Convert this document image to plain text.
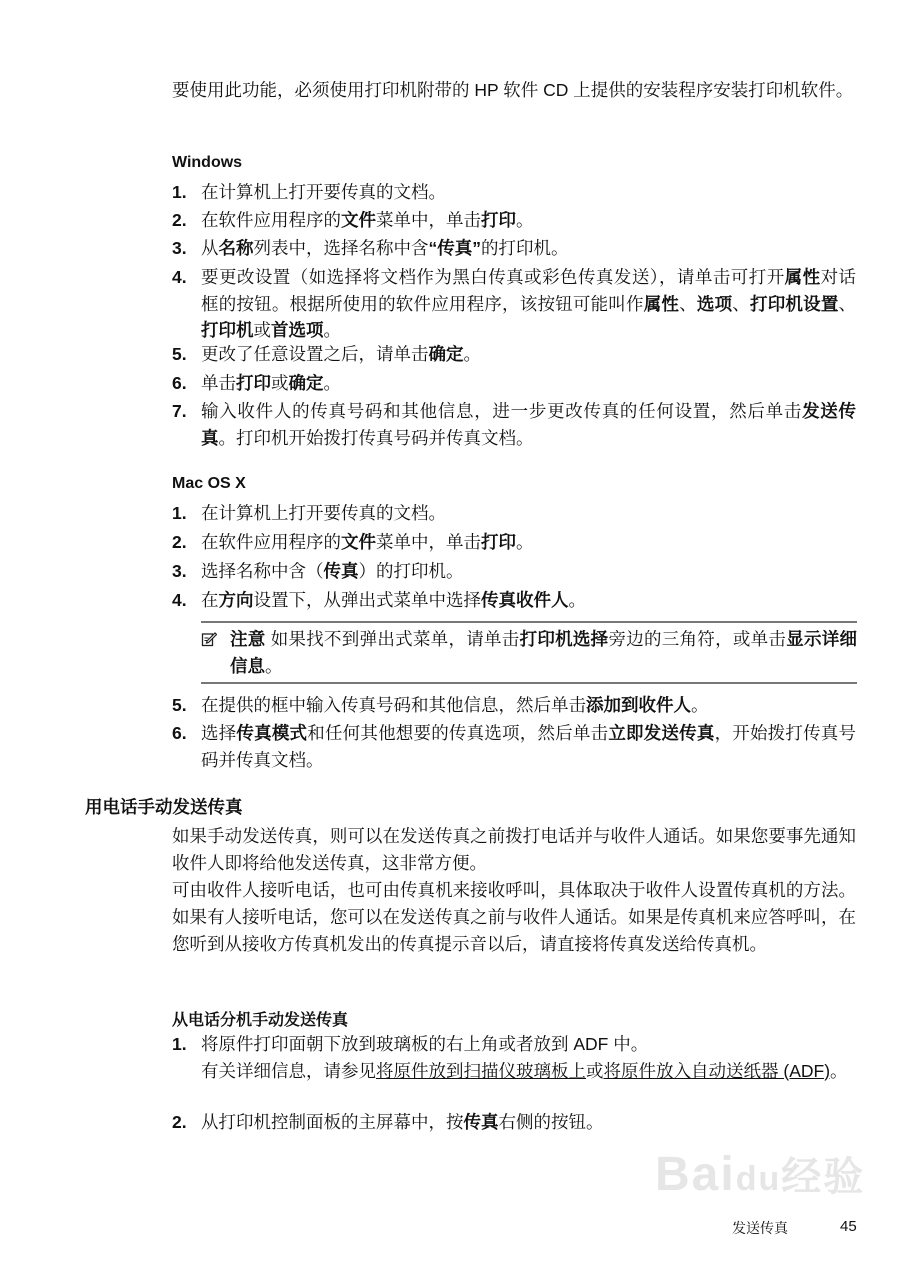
Baidu经验
要使用此功能，必须使用打印机附带的 HP 软件 CD 上提供的安装程序安装打印机软件。
Windows
1. 在计算机上打开要传真的文档。
2. 在软件应用程序的文件菜单中，单击打印。
3. 从名称列表中，选择名称中含“传真”的打印机。
4. 要更改设置（如选择将文档作为黑白传真或彩色传真发送），请单击可打开属性对话框的按钮。根据所使用的软件应用程序，该按钮可能叫作属性、选项、打印机设置、打印机或首选项。
5. 更改了任意设置之后，请单击确定。
6. 单击打印或确定。
7. 输入收件人的传真号码和其他信息，进一步更改传真的任何设置，然后单击发送传真。打印机开始拨打传真号码并传真文档。
Mac OS X
1. 在计算机上打开要传真的文档。
2. 在软件应用程序的文件菜单中，单击打印。
3. 选择名称中含（传真）的打印机。
4. 在方向设置下，从弹出式菜单中选择传真收件人。
注意 如果找不到弹出式菜单，请单击打印机选择旁边的三角符，或单击显示详细信息。
5. 在提供的框中输入传真号码和其他信息，然后单击添加到收件人。
6. 选择传真模式和任何其他想要的传真选项，然后单击立即发送传真，开始拨打传真号码并传真文档。
用电话手动发送传真
如果手动发送传真，则可以在发送传真之前拨打电话并与收件人通话。如果您要事先通知收件人即将给他发送传真，这非常方便。
可由收件人接听电话，也可由传真机来接收呼叫，具体取决于收件人设置传真机的方法。如果有人接听电话，您可以在发送传真之前与收件人通话。如果是传真机来应答呼叫，在您听到从接收方传真机发出的传真提示音以后，请直接将传真发送给传真机。
从电话分机手动发送传真
1. 将原件打印面朝下放到玻璃板的右上角或者放到 ADF 中。
有关详细信息，请参见将原件放到扫描仪玻璃板上或将原件放入自动送纸器 (ADF)。
2. 从打印机控制面板的主屏幕中，按传真右侧的按钮。
发送传真	45
